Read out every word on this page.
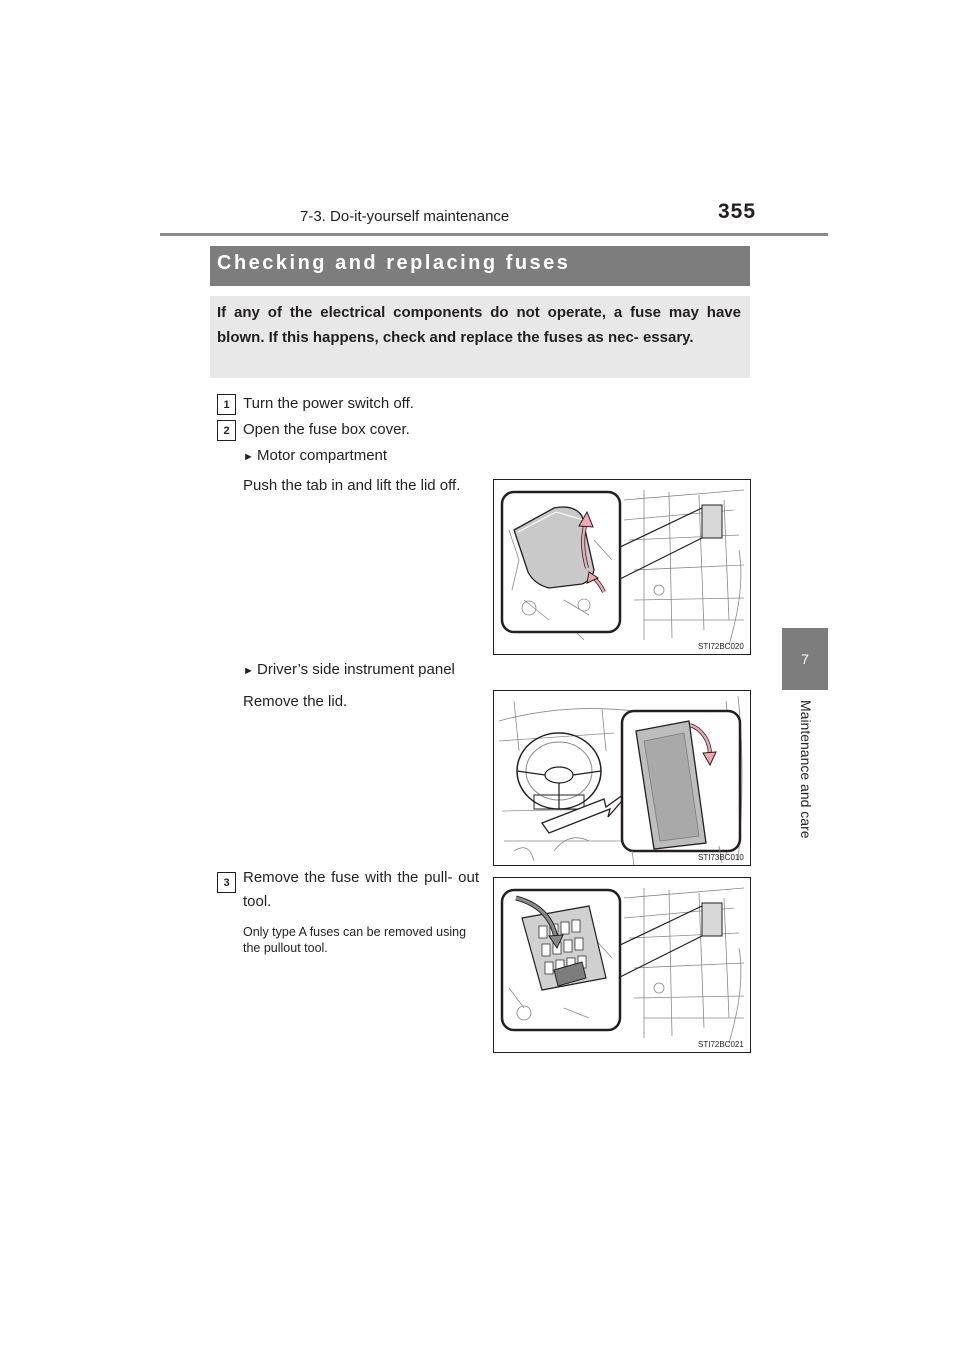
7-3. Do-it-yourself maintenance	355
7
Maintenance and care
Checking and replacing fuses
If any of the electrical components do not operate, a fuse may have blown. If this happens, check and replace the fuses as nec- essary.
1 Turn the power switch off.
2 Open the fuse box cover.
► Motor compartment
Push the tab in and lift the lid off.
STI72BC020
► Driver’s side instrument panel
Remove the lid.
STI73BC010
3 Remove the fuse with the pull- out tool.
Only type A fuses can be removed using the pullout tool.
STI72BC021
